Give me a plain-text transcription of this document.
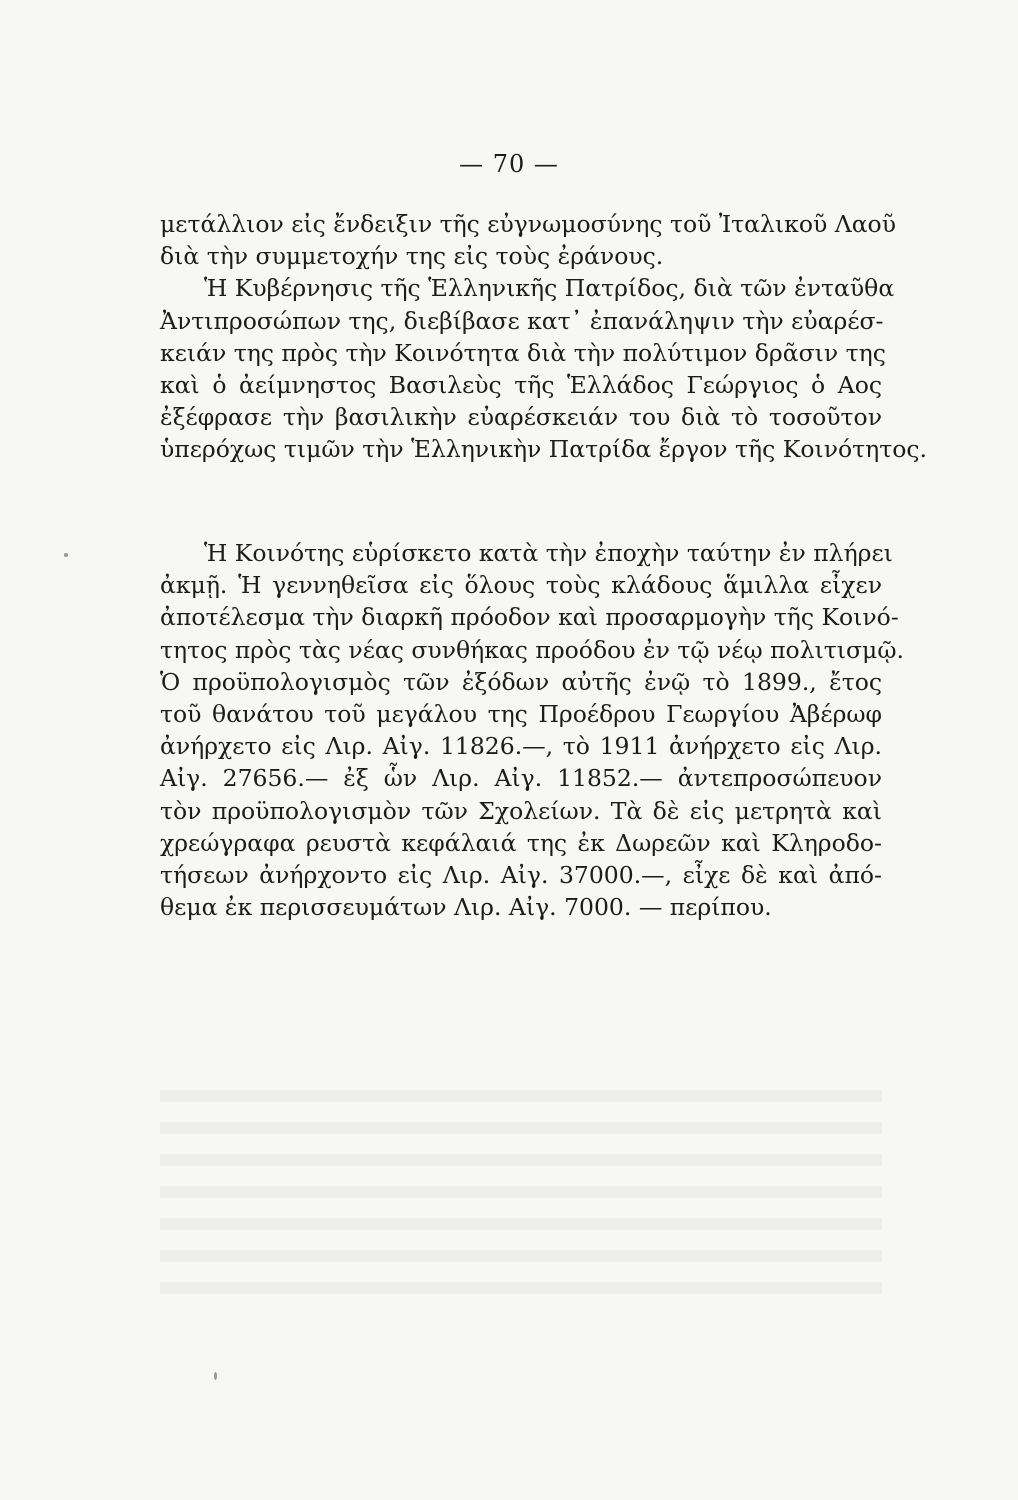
— 70 —
μετάλλιον εἰς ἔνδειξιν τῆς εὐγνωμοσύνης τοῦ Ἰταλικοῦ Λαοῦ
διὰ τὴν συμμετοχήν της εἰς τοὺς ἐράνους.
Ἡ Κυβέρνησις τῆς Ἑλληνικῆς Πατρίδος, διὰ τῶν ἐνταῦθα
Ἀντιπροσώπων της, διεβίβασε κατ᾽ ἐπανάληψιν τὴν εὐαρέσ-
κειάν της πρὸς τὴν Κοινότητα διὰ τὴν πολύτιμον δρᾶσιν της
καὶ ὁ ἀείμνηστος Βασιλεὺς τῆς Ἑλλάδος Γεώργιος ὁ Αος
ἐξέφρασε τὴν βασιλικὴν εὐαρέσκειάν του διὰ τὸ τοσοῦτον
ὑπερόχως τιμῶν τὴν Ἑλληνικὴν Πατρίδα ἔργον τῆς Κοινότητος.
Ἡ Κοινότης εὑρίσκετο κατὰ τὴν ἐποχὴν ταύτην ἐν πλήρει
ἀκμῇ. Ἡ γεννηθεῖσα εἰς ὅλους τοὺς κλάδους ἅμιλλα εἶχεν
ἀποτέλεσμα τὴν διαρκῆ πρόοδον καὶ προσαρμογὴν τῆς Κοινό-
τητος πρὸς τὰς νέας συνθήκας προόδου ἐν τῷ νέῳ πολιτισμῷ.
Ὁ προϋπολογισμὸς τῶν ἐξόδων αὐτῆς ἐνῷ τὸ 1899., ἔτος
τοῦ θανάτου τοῦ μεγάλου της Προέδρου Γεωργίου Ἀβέρωφ
ἀνήρχετο εἰς Λιρ. Αἰγ. 11826.—, τὸ 1911 ἀνήρχετο εἰς Λιρ.
Αἰγ. 27656.— ἐξ ὧν Λιρ. Αἰγ. 11852.— ἀντεπροσώπευον
τὸν προϋπολογισμὸν τῶν Σχολείων. Τὰ δὲ εἰς μετρητὰ καὶ
χρεώγραφα ρευστὰ κεφάλαιά της ἐκ Δωρεῶν καὶ Κληροδο-
τήσεων ἀνήρχοντο εἰς Λιρ. Αἰγ. 37000.—, εἶχε δὲ καὶ ἀπό-
θεμα ἐκ περισσευμάτων Λιρ. Αἰγ. 7000. — περίπου.
